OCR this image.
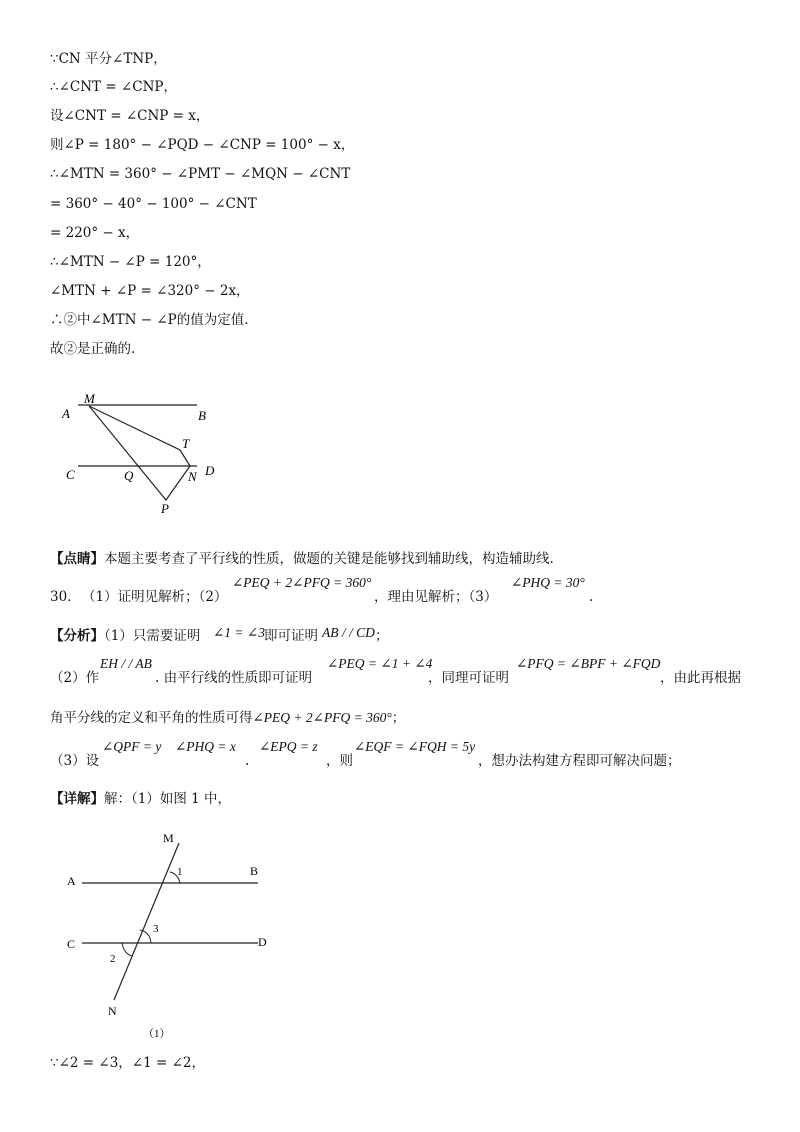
∵CN 平分∠TNP，
∴∠CNT = ∠CNP，
设∠CNT = ∠CNP = x，
则∠P = 180° − ∠PQD − ∠CNP = 100° − x，
∴∠MTN = 360° − ∠PMT − ∠MQN − ∠CNT
= 360° − 40° − 100° − ∠CNT
= 220° − x，
∴∠MTN − ∠P = 120°，
∠MTN + ∠P = ∠320° − 2x，
∴②中∠MTN − ∠P的值为定值.
故②是正确的.
M
A	B
T
C	Q	N D
P
【点睛】本题主要考查了平行线的性质，做题的关键是能够找到辅助线，构造辅助线.
30． （1）证明见解析；（2）
∠PEQ + 2∠PFQ = 360°
，理由见解析；（3）
∠PHQ = 30°
.
【分析】（1）只需要证明 ∠1 = ∠3 即可证明 AB / / CD ；
（2）作
EH / / AB
. 由平行线的性质即可证明
∠PEQ = ∠1 + ∠4
，同理可证明
∠PFQ = ∠BPF + ∠FQD
，由此再根据
角平分线的定义和平角的性质可得∠PEQ + 2∠PFQ = 360°；
（3）设
∠QPF = y ∠PHQ = x
.
∠EPQ = z
，则
∠EQF = ∠FQH = 5y
，想办法构建方程即可解决问题；
【详解】解：（1）如图 1 中，
M
A
B
1
3
C	D
2
N
（1）
∵∠2 = ∠3，∠1 = ∠2，
